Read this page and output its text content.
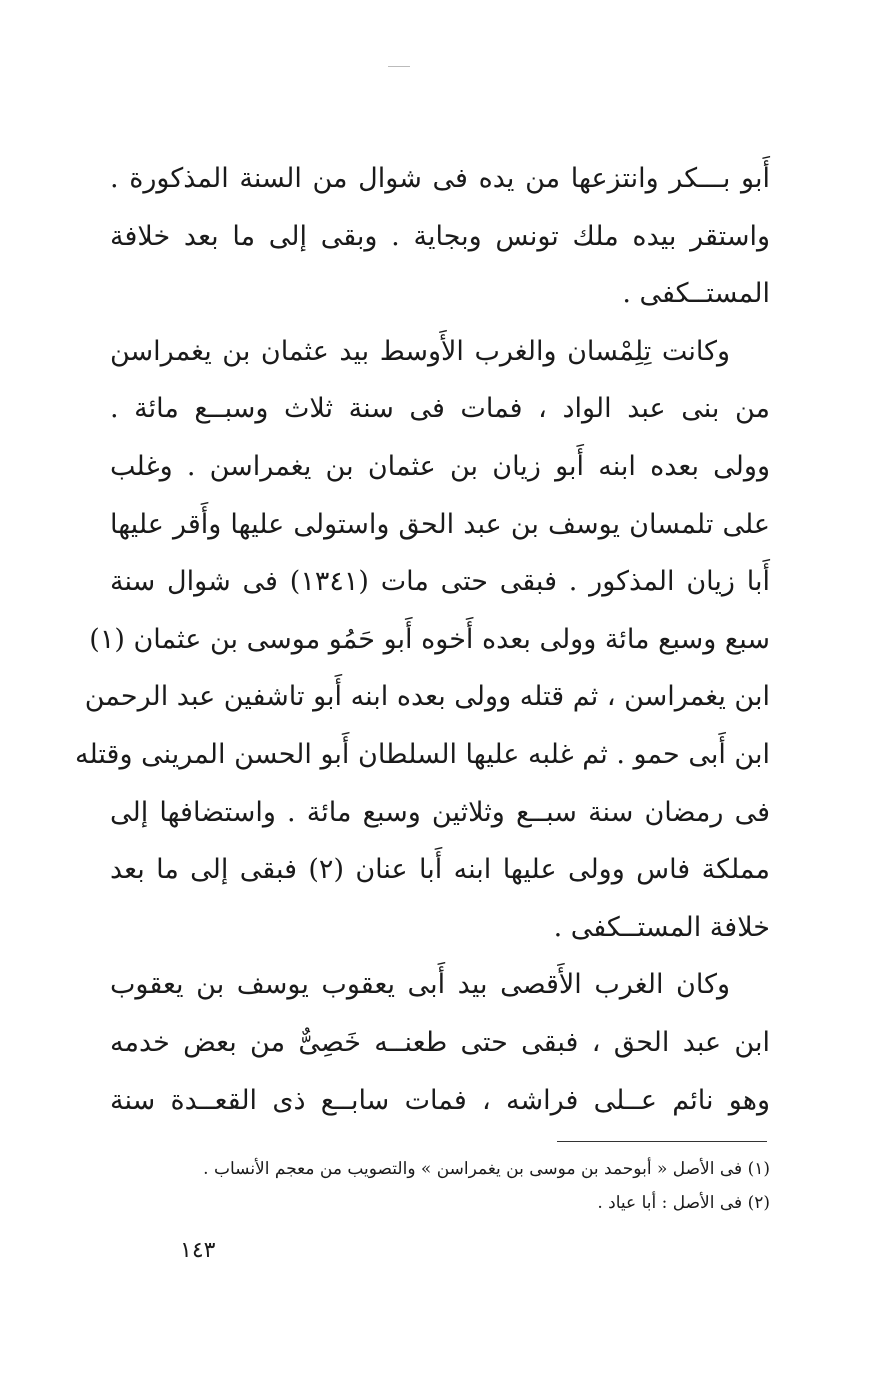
أَبو بـــكر وانتزعها من يده فى شوال من السنة المذكورة .
واستقر بيده ملك تونس وبجاية . وبقى إلى ما بعد خلافة
المستــكفى .
وكانت تِلِمْسان والغرب الأَوسط بيد عثمان بن يغمراسن
من بنى عبد الواد ، فمات فى سنة ثلاث وسبــع مائة .
وولى بعده ابنه أَبو زيان بن عثمان بن يغمراسن . وغلب
على تلمسان يوسف بن عبد الحق واستولى عليها وأَقر عليها
أَبا زيان المذكور . فبقى حتى مات (١٣٤١) فى شوال سنة
سبع وسبع مائة وولى بعده أَخوه أَبو حَمُو موسى بن عثمان (١)
ابن يغمراسن ، ثم قتله وولى بعده ابنه أَبو تاشفين عبد الرحمن
ابن أَبى حمو . ثم غلبه عليها السلطان أَبو الحسن المرينى وقتله
فى رمضان سنة سبــع وثلاثين وسبع مائة . واستضافها إلى
مملكة فاس وولى عليها ابنه أَبا عنان (٢) فبقى إلى ما بعد
خلافة المستــكفى .
وكان الغرب الأَقصى بيد أَبى يعقوب يوسف بن يعقوب
ابن عبد الحق ، فبقى حتى طعنــه خَصِىٌّ من بعض خدمه
وهو نائم عــلى فراشه ، فمات سابــع ذى القعــدة سنة
(١) فى الأصل « أبوحمد بن موسى بن يغمراسن » والتصويب من معجم الأنساب .
(٢) فى الأصل : أبا عياد .
١٤٣
